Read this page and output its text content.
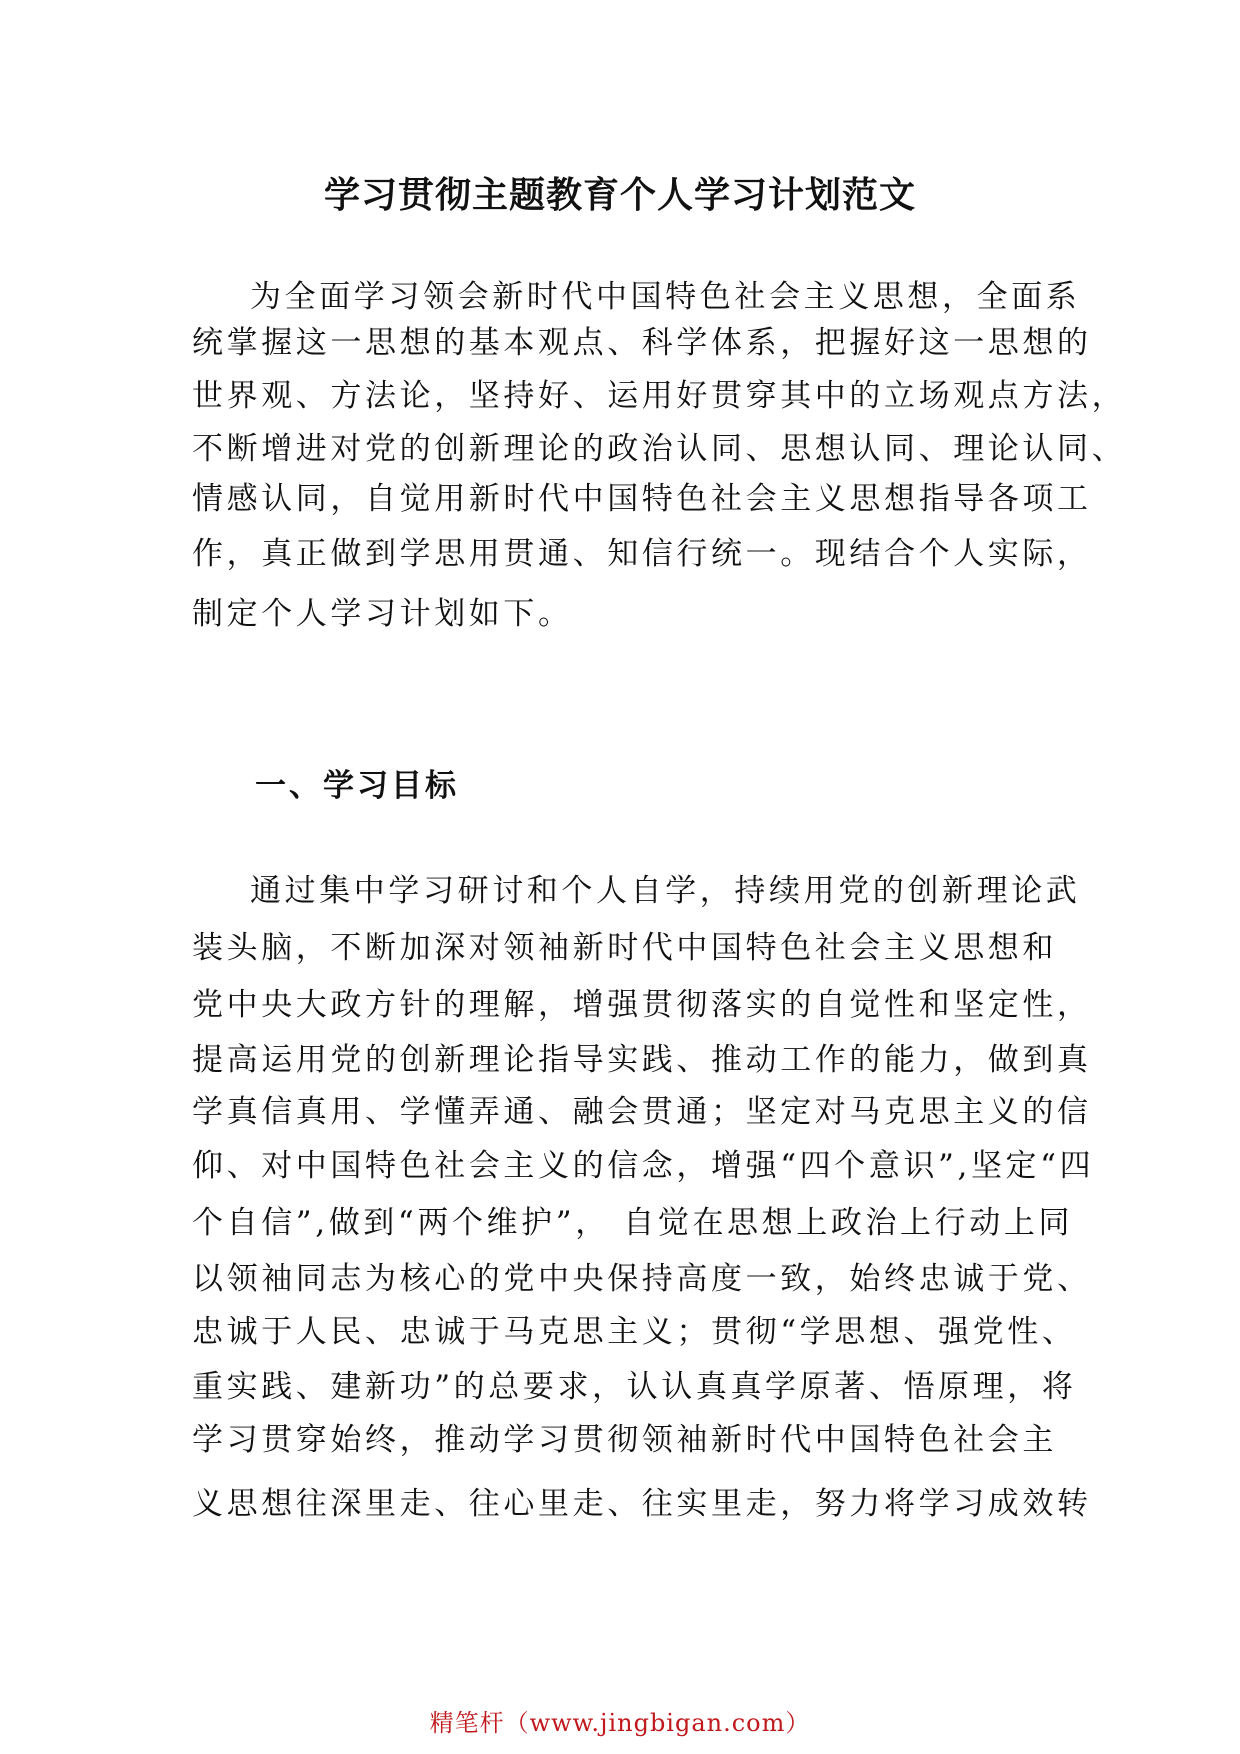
学习贯彻主题教育个人学习计划范文
为全面学习领会新时代中国特色社会主义思想，全面系
统掌握这一思想的基本观点、科学体系，把握好这一思想的
世界观、方法论，坚持好、运用好贯穿其中的立场观点方法，
不断增进对党的创新理论的政治认同、思想认同、理论认同、
情感认同，自觉用新时代中国特色社会主义思想指导各项工
作，真正做到学思用贯通、知信行统一。现结合个人实际，
制定个人学习计划如下。
一、学习目标
通过集中学习研讨和个人自学，持续用党的创新理论武
装头脑，不断加深对领袖新时代中国特色社会主义思想和
党中央大政方针的理解，增强贯彻落实的自觉性和坚定性，
提高运用党的创新理论指导实践、推动工作的能力，做到真
学真信真用、学懂弄通、融会贯通；坚定对马克思主义的信
仰、对中国特色社会主义的信念，增强“四个意识”,坚定“四
个自信”,做到“两个维护”， 自觉在思想上政治上行动上同
以领袖同志为核心的党中央保持高度一致，始终忠诚于党、
忠诚于人民、忠诚于马克思主义；贯彻“学思想、强党性、
重实践、建新功”的总要求，认认真真学原著、悟原理，将
学习贯穿始终，推动学习贯彻领袖新时代中国特色社会主
义思想往深里走、往心里走、往实里走，努力将学习成效转
精笔杆（www.jingbigan.com）
